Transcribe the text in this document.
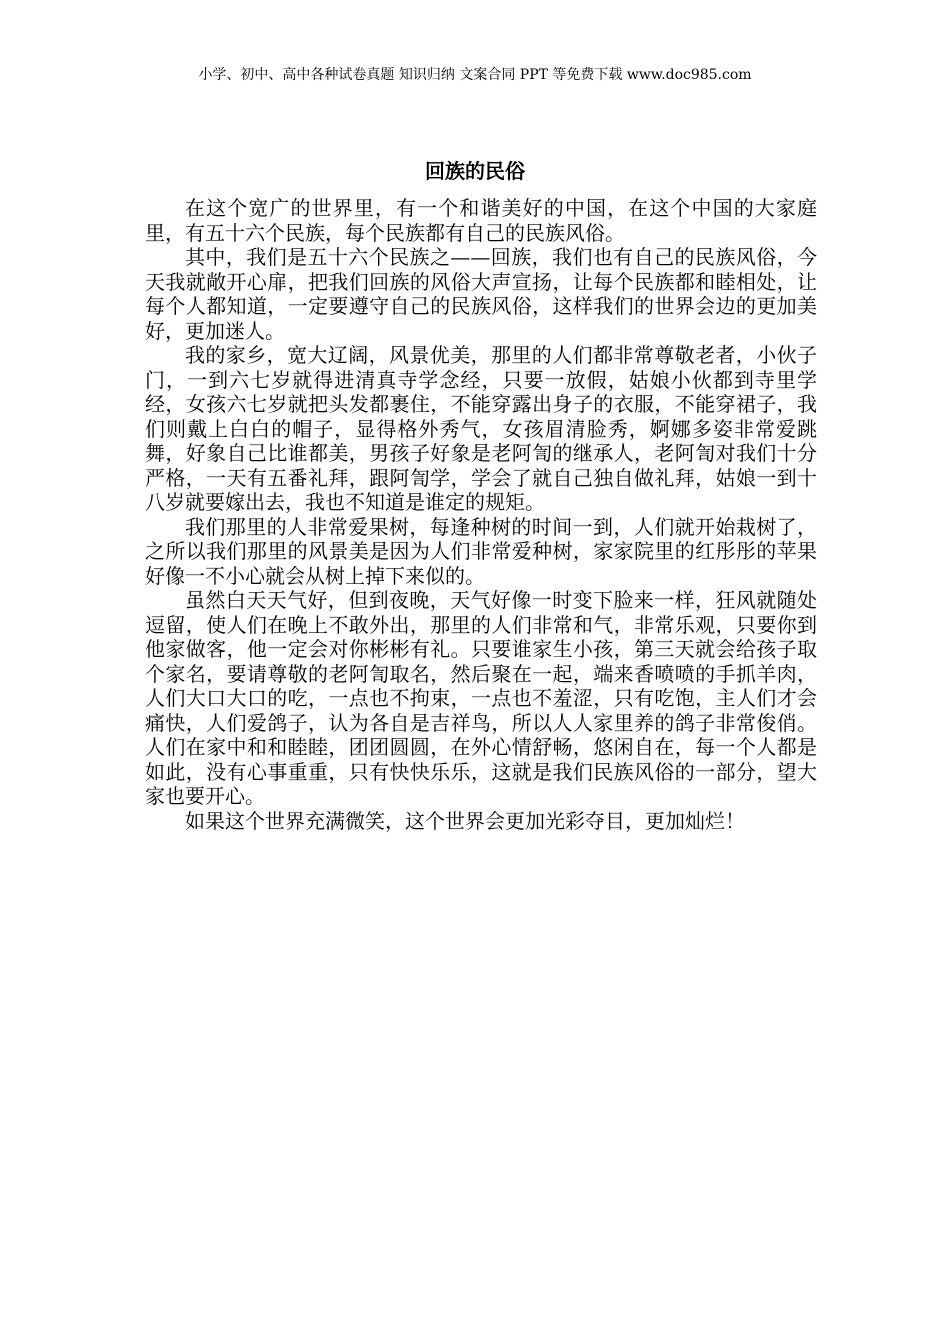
小学、初中、高中各种试卷真题 知识归纳 文案合同 PPT 等免费下载 www.doc985.com
回族的民俗

在这个宽广的世界里，有一个和谐美好的中国，在这个中国的大家庭里，有五十六个民族，每个民族都有自己的民族风俗。

其中，我们是五十六个民族之——回族，我们也有自己的民族风俗，今天我就敞开心扉，把我们回族的风俗大声宣扬，让每个民族都和睦相处，让每个人都知道，一定要遵守自己的民族风俗，这样我们的世界会边的更加美好，更加迷人。

我的家乡，宽大辽阔，风景优美，那里的人们都非常尊敬老者，小伙子门，一到六七岁就得进清真寺学念经，只要一放假，姑娘小伙都到寺里学经，女孩六七岁就把头发都裹住，不能穿露出身子的衣服，不能穿裙子，我们则戴上白白的帽子，显得格外秀气，女孩眉清脸秀，婀娜多姿非常爱跳舞，好象自己比谁都美，男孩子好象是老阿訇的继承人，老阿訇对我们十分严格，一天有五番礼拜，跟阿訇学，学会了就自己独自做礼拜，姑娘一到十八岁就要嫁出去，我也不知道是谁定的规矩。

我们那里的人非常爱果树，每逢种树的时间一到，人们就开始栽树了，之所以我们那里的风景美是因为人们非常爱种树，家家院里的红彤彤的苹果好像一不小心就会从树上掉下来似的。

虽然白天天气好，但到夜晚，天气好像一时变下脸来一样，狂风就随处逗留，使人们在晚上不敢外出，那里的人们非常和气，非常乐观，只要你到他家做客，他一定会对你彬彬有礼。只要谁家生小孩，第三天就会给孩子取个家名，要请尊敬的老阿訇取名，然后聚在一起，端来香喷喷的手抓羊肉，人们大口大口的吃，一点也不拘束，一点也不羞涩，只有吃饱，主人们才会痛快，人们爱鸽子，认为各自是吉祥鸟，所以人人家里养的鸽子非常俊俏。人们在家中和和睦睦，团团圆圆，在外心情舒畅，悠闲自在，每一个人都是如此，没有心事重重，只有快快乐乐，这就是我们民族风俗的一部分，望大家也要开心。

如果这个世界充满微笑，这个世界会更加光彩夺目，更加灿烂！
